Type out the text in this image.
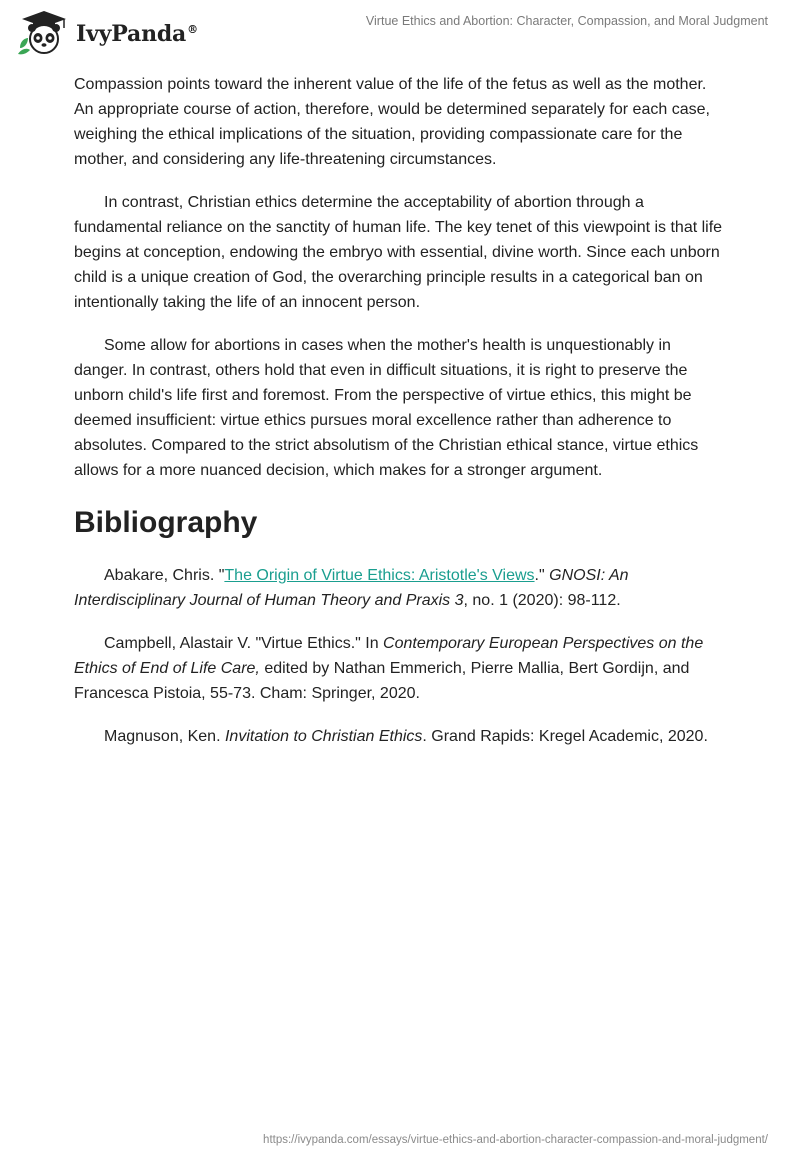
IvyPanda®
Virtue Ethics and Abortion: Character, Compassion, and Moral Judgment

Compassion points toward the inherent value of the life of the fetus as well as the mother. An appropriate course of action, therefore, would be determined separately for each case, weighing the ethical implications of the situation, providing compassionate care for the mother, and considering any life-threatening circumstances.

In contrast, Christian ethics determine the acceptability of abortion through a fundamental reliance on the sanctity of human life. The key tenet of this viewpoint is that life begins at conception, endowing the embryo with essential, divine worth. Since each unborn child is a unique creation of God, the overarching principle results in a categorical ban on intentionally taking the life of an innocent person.

Some allow for abortions in cases when the mother's health is unquestionably in danger. In contrast, others hold that even in difficult situations, it is right to preserve the unborn child's life first and foremost. From the perspective of virtue ethics, this might be deemed insufficient: virtue ethics pursues moral excellence rather than adherence to absolutes. Compared to the strict absolutism of the Christian ethical stance, virtue ethics allows for a more nuanced decision, which makes for a stronger argument.

Bibliography

Abakare, Chris. "The Origin of Virtue Ethics: Aristotle's Views." GNOSI: An Interdisciplinary Journal of Human Theory and Praxis 3, no. 1 (2020): 98-112.

Campbell, Alastair V. "Virtue Ethics." In Contemporary European Perspectives on the Ethics of End of Life Care, edited by Nathan Emmerich, Pierre Mallia, Bert Gordijn, and Francesca Pistoia, 55-73. Cham: Springer, 2020.

Magnuson, Ken. Invitation to Christian Ethics. Grand Rapids: Kregel Academic, 2020.

https://ivypanda.com/essays/virtue-ethics-and-abortion-character-compassion-and-moral-judgment/
